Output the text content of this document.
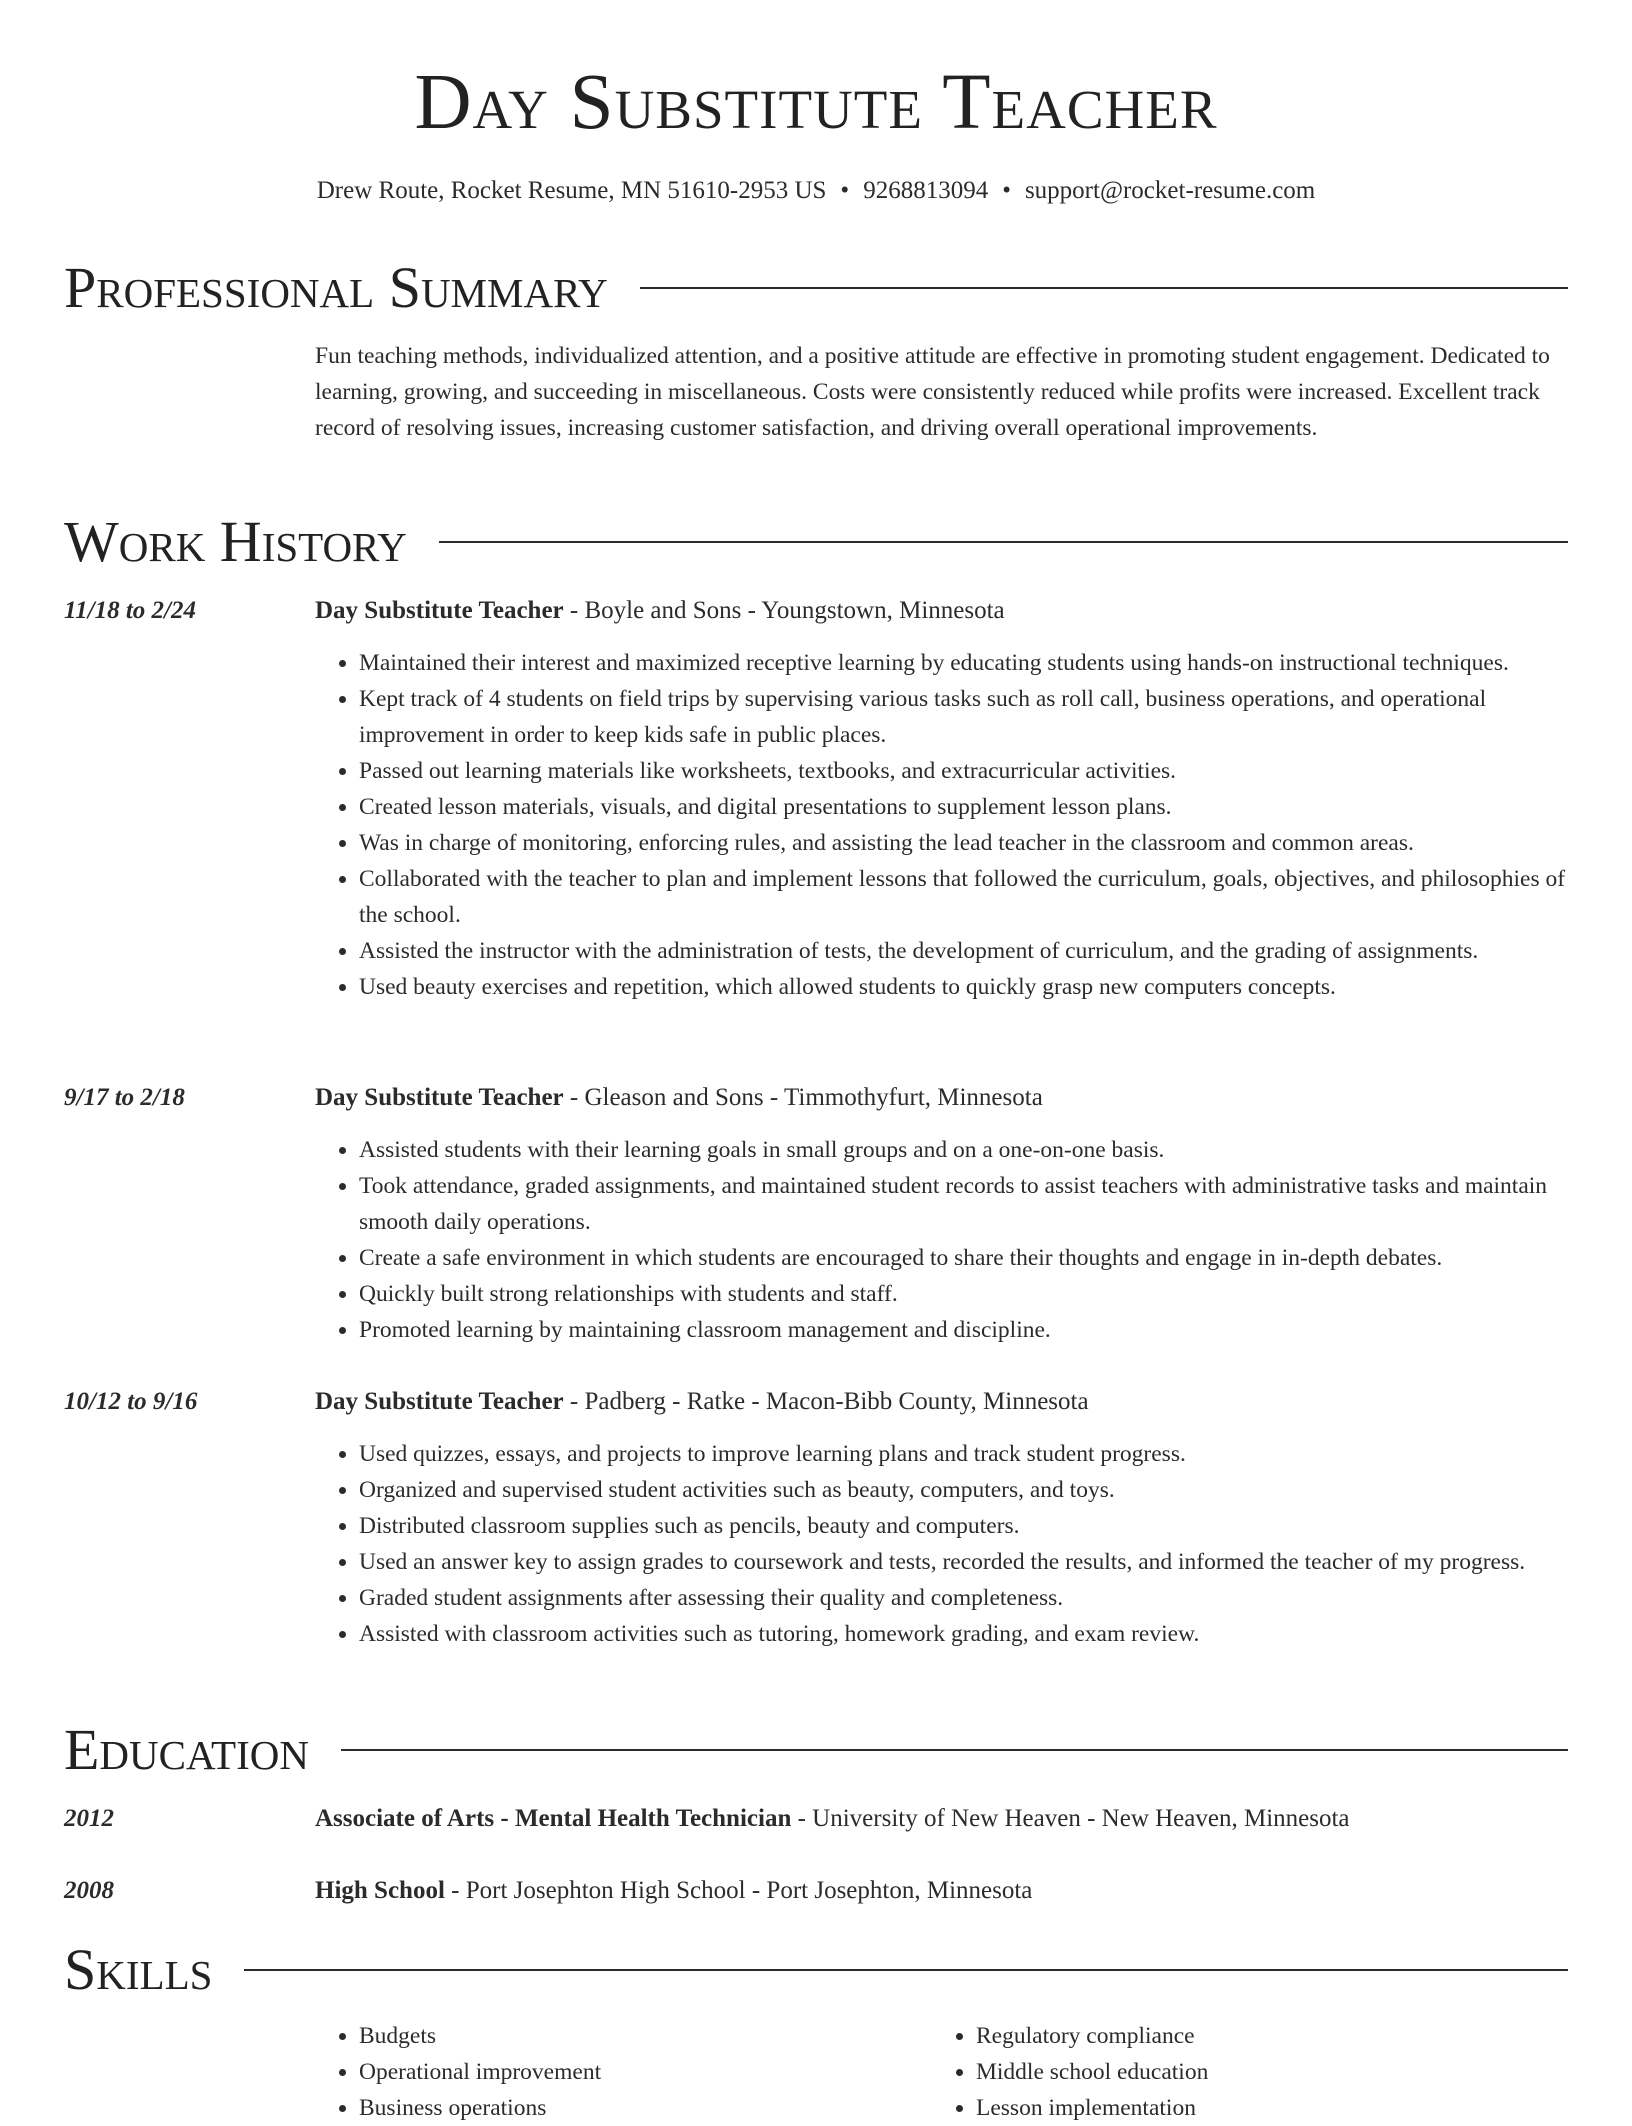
Day Substitute Teacher
Drew Route, Rocket Resume, MN 51610-2953 US • 9268813094 • support@rocket-resume.com
Professional Summary

Fun teaching methods, individualized attention, and a positive attitude are effective in promoting student engagement. Dedicated to learning, growing, and succeeding in miscellaneous. Costs were consistently reduced while profits were increased. Excellent track record of resolving issues, increasing customer satisfaction, and driving overall operational improvements.

Work History
11/18 to 2/24	Day Substitute Teacher - Boyle and Sons - Youngstown, Minnesota
• Maintained their interest and maximized receptive learning by educating students using hands-on instructional techniques.
• Kept track of 4 students on field trips by supervising various tasks such as roll call, business operations, and operational improvement in order to keep kids safe in public places.
• Passed out learning materials like worksheets, textbooks, and extracurricular activities.
• Created lesson materials, visuals, and digital presentations to supplement lesson plans.
• Was in charge of monitoring, enforcing rules, and assisting the lead teacher in the classroom and common areas.
• Collaborated with the teacher to plan and implement lessons that followed the curriculum, goals, objectives, and philosophies of the school.
• Assisted the instructor with the administration of tests, the development of curriculum, and the grading of assignments.
• Used beauty exercises and repetition, which allowed students to quickly grasp new computers concepts.
9/17 to 2/18	Day Substitute Teacher - Gleason and Sons - Timmothyfurt, Minnesota
• Assisted students with their learning goals in small groups and on a one-on-one basis.
• Took attendance, graded assignments, and maintained student records to assist teachers with administrative tasks and maintain smooth daily operations.
• Create a safe environment in which students are encouraged to share their thoughts and engage in in-depth debates.
• Quickly built strong relationships with students and staff.
• Promoted learning by maintaining classroom management and discipline.
10/12 to 9/16	Day Substitute Teacher - Padberg - Ratke - Macon-Bibb County, Minnesota
• Used quizzes, essays, and projects to improve learning plans and track student progress.
• Organized and supervised student activities such as beauty, computers, and toys.
• Distributed classroom supplies such as pencils, beauty and computers.
• Used an answer key to assign grades to coursework and tests, recorded the results, and informed the teacher of my progress.
• Graded student assignments after assessing their quality and completeness.
• Assisted with classroom activities such as tutoring, homework grading, and exam review.
Education
2012	Associate of Arts - Mental Health Technician - University of New Heaven - New Heaven, Minnesota
2008	High School - Port Josephton High School - Port Josephton, Minnesota
Skills
• Budgets
• Operational improvement
• Business operations
• Regulatory compliance
• Middle school education
• Lesson implementation
